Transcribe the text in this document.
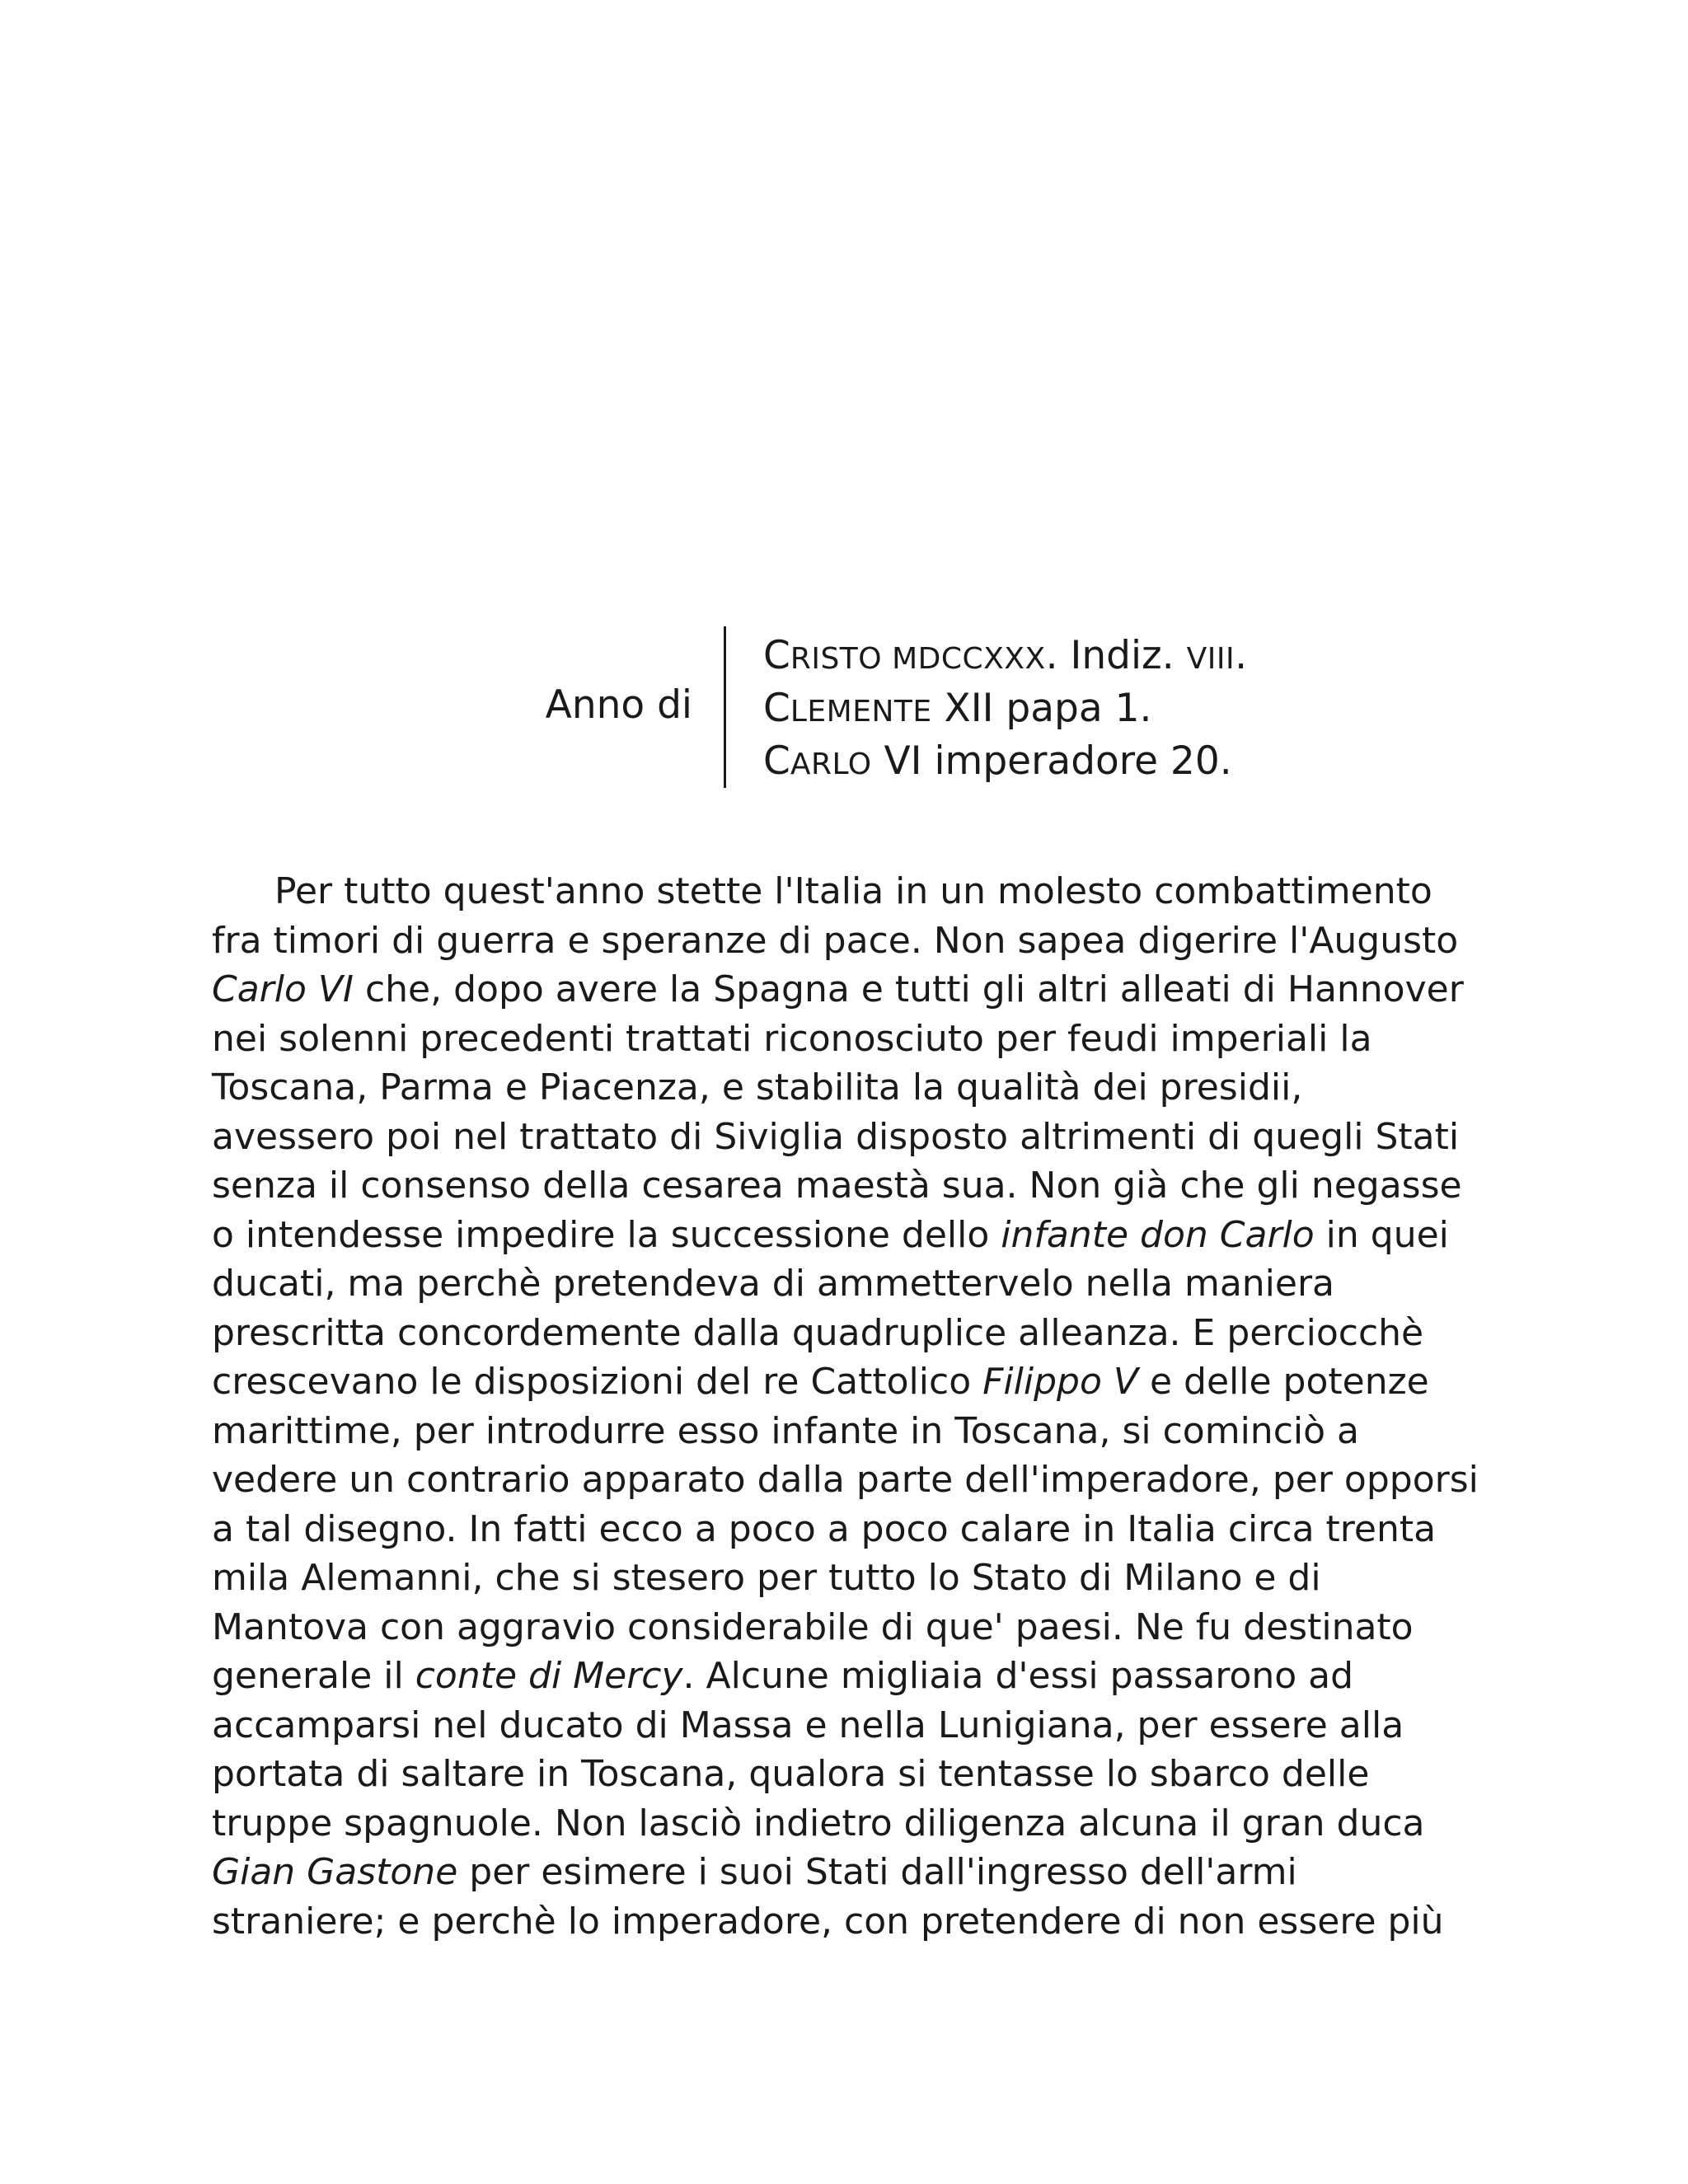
Anno di
CRISTO MDCCXXX. Indiz. VIII.
CLEMENTE XII papa 1.
CARLO VI imperadore 20.
Per tutto quest'anno stette l'Italia in un molesto combattimento
fra timori di guerra e speranze di pace. Non sapea digerire l'Augusto
Carlo VI che, dopo avere la Spagna e tutti gli altri alleati di Hannover
nei solenni precedenti trattati riconosciuto per feudi imperiali la
Toscana, Parma e Piacenza, e stabilita la qualità dei presidii,
avessero poi nel trattato di Siviglia disposto altrimenti di quegli Stati
senza il consenso della cesarea maestà sua. Non già che gli negasse
o intendesse impedire la successione dello infante don Carlo in quei
ducati, ma perchè pretendeva di ammettervelo nella maniera
prescritta concordemente dalla quadruplice alleanza. E perciocchè
crescevano le disposizioni del re Cattolico Filippo V e delle potenze
marittime, per introdurre esso infante in Toscana, si cominciò a
vedere un contrario apparato dalla parte dell'imperadore, per opporsi
a tal disegno. In fatti ecco a poco a poco calare in Italia circa trenta
mila Alemanni, che si stesero per tutto lo Stato di Milano e di
Mantova con aggravio considerabile di que' paesi. Ne fu destinato
generale il conte di Mercy. Alcune migliaia d'essi passarono ad
accamparsi nel ducato di Massa e nella Lunigiana, per essere alla
portata di saltare in Toscana, qualora si tentasse lo sbarco delle
truppe spagnuole. Non lasciò indietro diligenza alcuna il gran duca
Gian Gastone per esimere i suoi Stati dall'ingresso dell'armi
straniere; e perchè lo imperadore, con pretendere di non essere più
